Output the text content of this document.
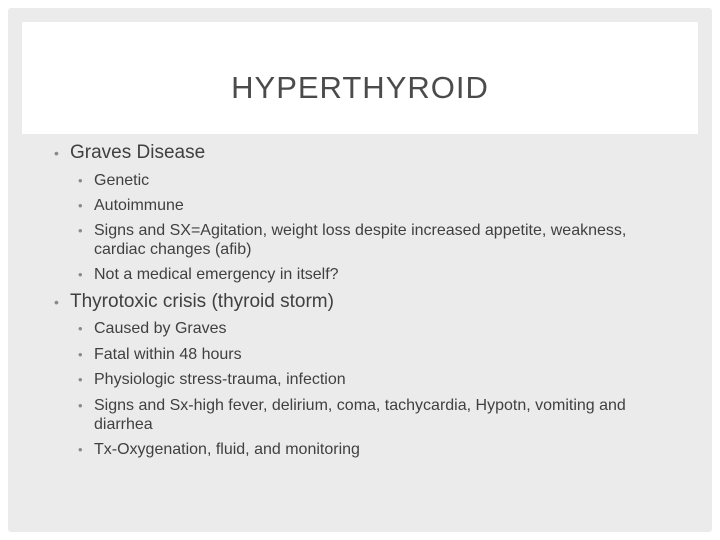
HYPERTHYROID
• Graves Disease
• Genetic
• Autoimmune
• Signs and SX=Agitation, weight loss despite increased appetite, weakness, cardiac changes (afib)
• Not a medical emergency in itself?
• Thyrotoxic crisis (thyroid storm)
• Caused by Graves
• Fatal within 48 hours
• Physiologic stress-trauma, infection
• Signs and Sx-high fever, delirium, coma, tachycardia, Hypotn, vomiting and diarrhea
• Tx-Oxygenation, fluid, and monitoring
